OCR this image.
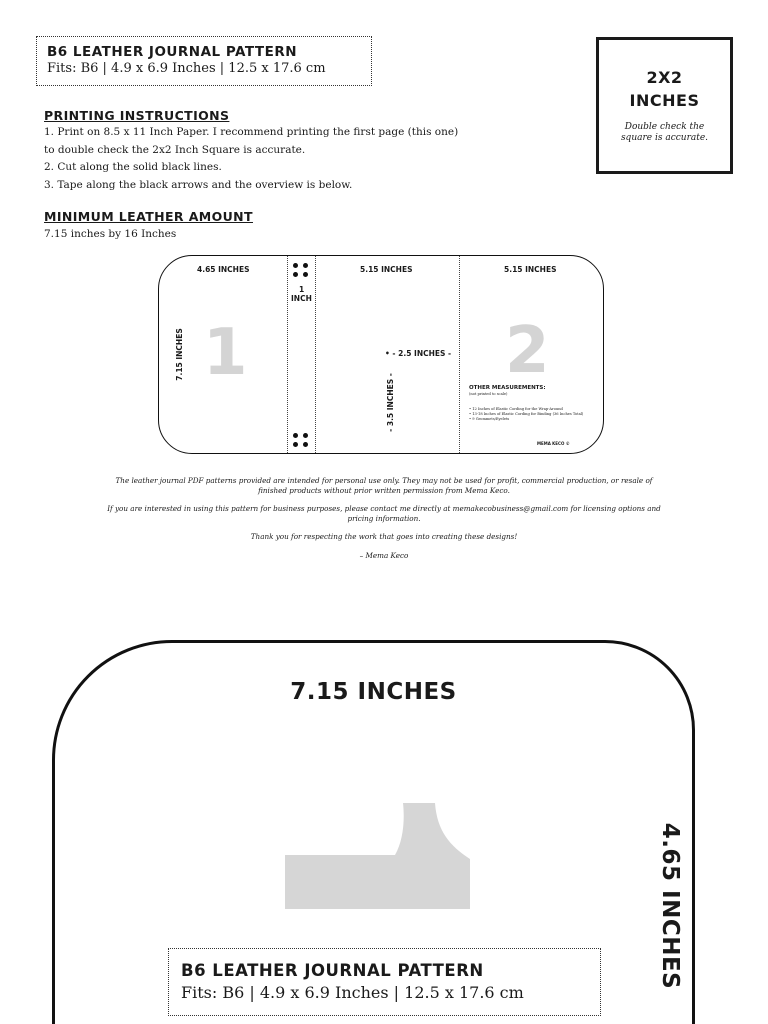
B6 LEATHER JOURNAL PATTERN
Fits: B6 | 4.9 x 6.9 Inches | 12.5 x 17.6 cm	2X2
INCHES
Double check the square is accurate.
PRINTING INSTRUCTIONS
1. Print on 8.5 x 11 Inch Paper. I recommend printing the first page (this one)
to double check the 2x2 Inch Square is accurate.
2. Cut along the solid black lines.
3. Tape along the black arrows and the overview is below.
MINIMUM LEATHER AMOUNT
7.15 inches by 16 Inches
4.65 INCHES
1
INCH
5.15 INCHES	5.15 INCHES
7.15 INCHES 1	2
• - 2.5 INCHES -
- 3.5 INCHES -	OTHER MEASUREMENTS:
(not printed to scale)
• 12 Inches of Elastic Cording for the Wrap-Around
• 13-18 Inches of Elastic Cording for Binding (36 Inches Total)
• 9 Grommets/Eyelets
MEMA KECO ©

The leather journal PDF patterns provided are intended for personal use only. They may not be used for profit, commercial production, or resale of finished products without prior written permission from Mema Keco.

If you are interested in using this pattern for business purposes, please contact me directly at memakecobusiness@gmail.com for licensing options and pricing information.

Thank you for respecting the work that goes into creating these designs!

– Mema Keco

7.15 INCHES
4.65 INCHES
B6 LEATHER JOURNAL PATTERN
Fits: B6 | 4.9 x 6.9 Inches | 12.5 x 17.6 cm
